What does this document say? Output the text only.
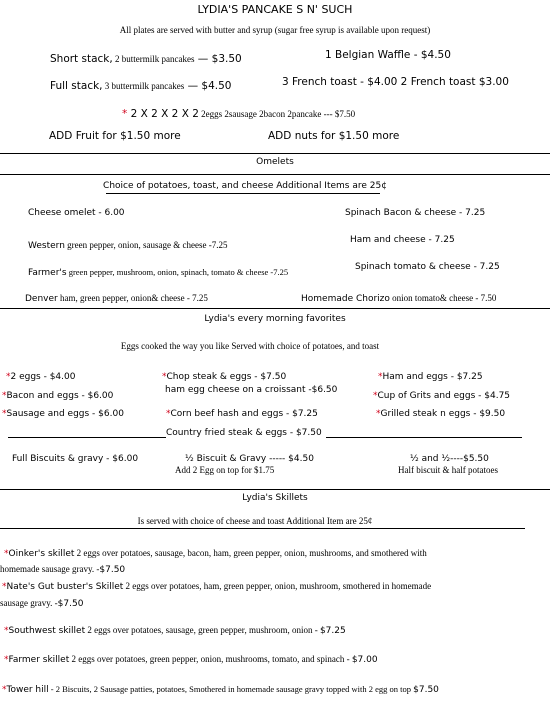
LYDIA'S PANCAKE S N' SUCH
All plates are served with butter and syrup (sugar free syrup is available upon request)
Short stack, 2 buttermilk pancakes — $3.50	1 Belgian Waffle - $4.50
Full stack, 3 buttermilk pancakes — $4.50	3 French toast - $4.00 2 French toast $3.00
* 2 X 2 X 2 X 2 2eggs 2sausage 2bacon 2pancake --- $7.50
ADD Fruit for $1.50 more	ADD nuts for $1.50 more
Omelets
Choice of potatoes, toast, and cheese Additional Items are 25¢
Cheese omelet - 6.00	Spinach Bacon & cheese - 7.25
Western green pepper, onion, sausage & cheese -7.25	Ham and cheese - 7.25
Farmer's green pepper, mushroom, onion, spinach, tomato & cheese -7.25	Spinach tomato & cheese - 7.25
Denver ham, green pepper, onion& cheese - 7.25	Homemade Chorizo onion tomato& cheese - 7.50
Lydia's every morning favorites
Eggs cooked the way you like Served with choice of potatoes, and toast
*2 eggs - $4.00	*Chop steak & eggs - $7.50	*Ham and eggs - $7.25
*Bacon and eggs - $6.00
ham egg cheese on a croissant -$6.50
*Cup of Grits and eggs - $4.75
*Sausage and eggs - $6.00	*Corn beef hash and eggs - $7.25	*Grilled steak n eggs - $9.50
Country fried steak & eggs - $7.50
Full Biscuits & gravy - $6.00	½ Biscuit & Gravy ----- $4.50
Add 2 Egg on top for $1.75
½ and ½----$5.50
Half biscuit & half potatoes
Lydia's Skillets
Is served with choice of cheese and toast Additional Item are 25¢
*Oinker's skillet 2 eggs over potatoes, sausage, bacon, ham, green pepper, onion, mushrooms, and smothered with
homemade sausage gravy. -$7.50
*Nate's Gut buster's Skillet 2 eggs over potatoes, ham, green pepper, onion, mushroom, smothered in homemade
sausage gravy. -$7.50
*Southwest skillet 2 eggs over potatoes, sausage, green pepper, mushroom, onion - $7.25
*Farmer skillet 2 eggs over potatoes, green pepper, onion, mushrooms, tomato, and spinach - $7.00
*Tower hill - 2 Biscuits, 2 Sausage patties, potatoes, Smothered in homemade sausage gravy topped with 2 egg on top $7.50
